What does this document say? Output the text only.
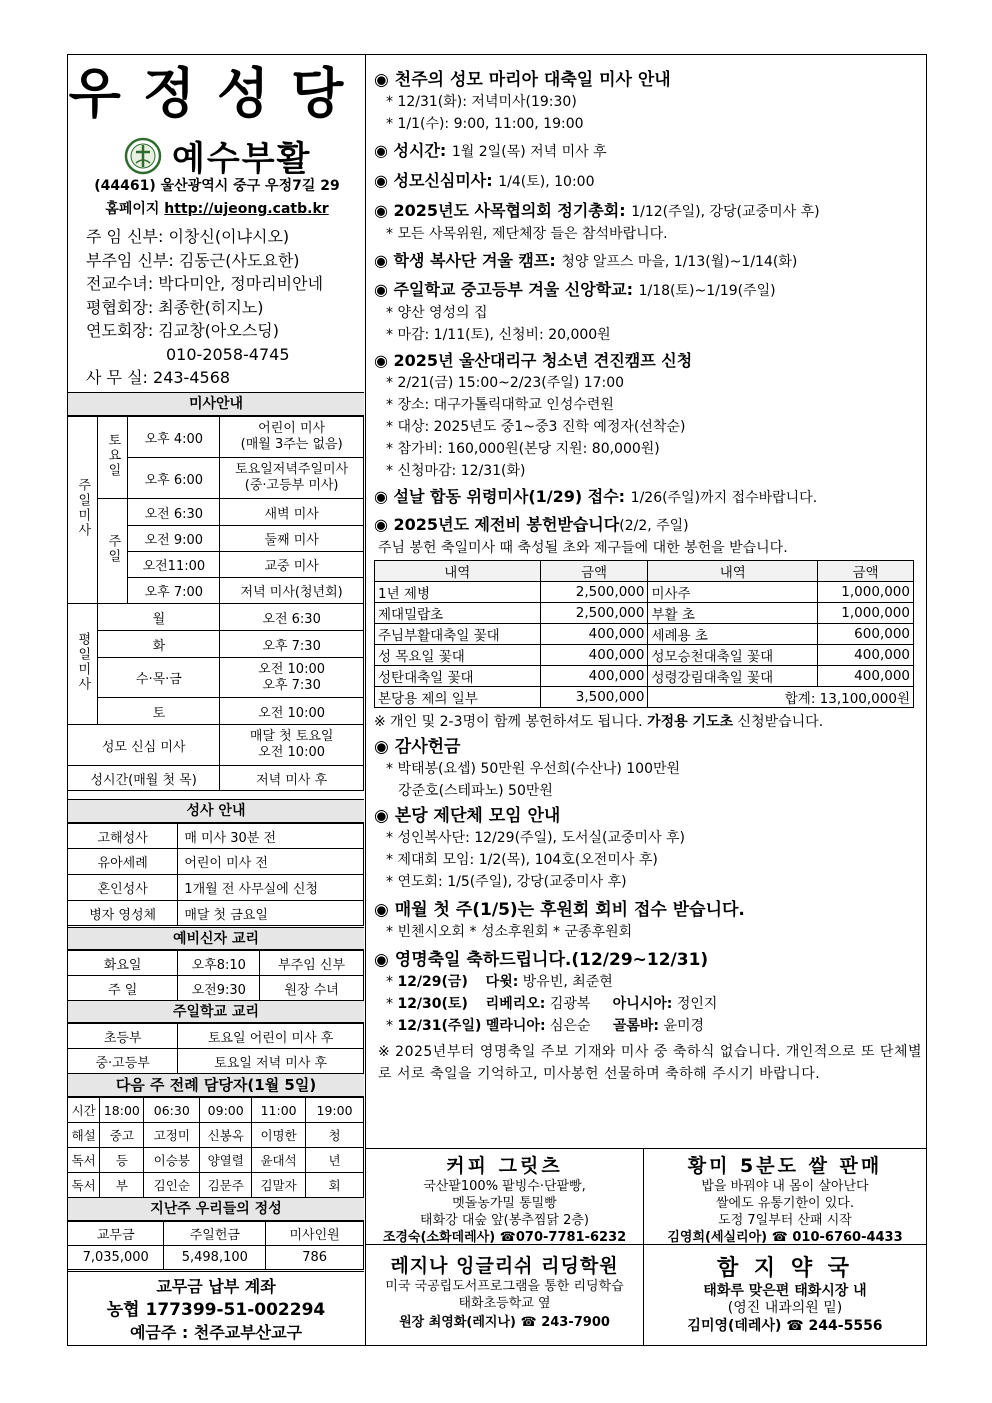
우정성당
예수부활
(44461) 울산광역시 중구 우정7길 29
홈페이지 http://ujeong.catb.kr
주 임 신부: 이창신(이냐시오)
부주임 신부: 김동근(사도요한)
전교수녀: 박다미안, 정마리비안네
평협회장: 최종한(히지노)
연도회장: 김교창(아오스딩)
010-2058-4745
사 무 실: 243-4568
미사안내
주일미사	토요일	오후 4:00	어린이 미사
(매월 3주는 없음)
		오후 6:00	토요일저녁주일미사
(중·고등부 미사)
	주일	오전 6:30	새벽 미사
		오전 9:00	둘째 미사
		오전11:00	교중 미사
		오후 7:00	저녁 미사(청년회)
평일미사	월		오전 6:30
	화		오후 7:30
	수·목·금		오전 10:00
오후 7:30
	토		오전 10:00
성모 신심 미사			매달 첫 토요일
오전 10:00
성시간(매월 첫 목)			저녁 미사 후
성사 안내
고해성사	매 미사 30분 전
유아세례	어린이 미사 전
혼인성사	1개월 전 사무실에 신청
병자 영성체	매달 첫 금요일
예비신자 교리
화요일	오후8:10	부주임 신부
주 일	오전9:30	원장 수녀
주일학교 교리
초등부	토요일 어린이 미사 후
중·고등부	토요일 저녁 미사 후
다음 주 전례 담당자(1월 5일)
시간	18:00	06:30	09:00	11:00	19:00
해설	중고	고정미	신봉옥	이명한	청
독서	등	이승붕	양열렬	윤대석	년
독서	부	김인순	김문주	김말자	회
지난주 우리들의 정성
교무금	주일헌금	미사인원
7,035,000	5,498,100	786
교무금 납부 계좌
농협 177399-51-002294
예금주 : 천주교부산교구
◉ 천주의 성모 마리아 대축일 미사 안내
* 12/31(화): 저녁미사(19:30)
* 1/1(수): 9:00, 11:00, 19:00
◉ 성시간: 1월 2일(목) 저녁 미사 후
◉ 성모신심미사: 1/4(토), 10:00
◉ 2025년도 사목협의회 정기총회: 1/12(주일), 강당(교중미사 후)
* 모든 사목위원, 제단체장 들은 참석바랍니다.
◉ 학생 복사단 겨울 캠프: 청양 알프스 마을, 1/13(월)~1/14(화)
◉ 주일학교 중고등부 겨울 신앙학교: 1/18(토)~1/19(주일)
* 양산 영성의 집
* 마감: 1/11(토), 신청비: 20,000원
◉ 2025년 울산대리구 청소년 견진캠프 신청
* 2/21(금) 15:00~2/23(주일) 17:00
* 장소: 대구가톨릭대학교 인성수련원
* 대상: 2025년도 중1~중3 진학 예정자(선착순)
* 참가비: 160,000원(본당 지원: 80,000원)
* 신청마감: 12/31(화)
◉ 설날 합동 위령미사(1/29) 접수: 1/26(주일)까지 접수바랍니다.
◉ 2025년도 제전비 봉헌받습니다(2/2, 주일)
주님 봉헌 축일미사 때 축성될 초와 제구들에 대한 봉헌을 받습니다.
내역	금액	내역	금액
1년 제병	2,500,000	미사주	1,000,000
제대밀랍초	2,500,000	부활 초	1,000,000
주님부활대축일 꽃대	400,000	세례용 초	600,000
성 목요일 꽃대	400,000	성모승천대축일 꽃대	400,000
성탄대축일 꽃대	400,000	성령강림대축일 꽃대	400,000
본당용 제의 일부	3,500,000	합계: 13,100,000원	
※ 개인 및 2-3명이 함께 봉헌하셔도 됩니다. 가정용 기도초 신청받습니다.
◉ 감사헌금
* 박태봉(요셉) 50만원 우선희(수산나) 100만원
강준호(스테파노) 50만원
◉ 본당 제단체 모임 안내
* 성인복사단: 12/29(주일), 도서실(교중미사 후)
* 제대회 모임: 1/2(목), 104호(오전미사 후)
* 연도회: 1/5(주일), 강당(교중미사 후)
◉ 매월 첫 주(1/5)는 후원회 회비 접수 받습니다.
* 빈첸시오회 * 성소후원회 * 군종후원회
◉ 영명축일 축하드립니다.(12/29~12/31)
* 12/29(금) 다윗: 방유빈, 최준현
* 12/30(토) 리베리오: 김광복 아니시아: 정인지
* 12/31(주일) 멜라니아: 심은순 골롬바: 윤미경
※ 2025년부터 영명축일 주보 기재와 미사 중 축하식 없습니다. 개인적으로 또 단체별로 서로 축일을 기억하고, 미사봉헌 선물하며 축하해 주시기 바랍니다.
커피 그릿츠
국산팥100% 팥빙수·단팥빵,
멧돌농가밀 통밀빵
태화강 대숲 앞(봉추찜닭 2층)
조경숙(소화데레사) ☎070-7781-6232
황미 5분도 쌀 판매
밥을 바꿔야 내 몸이 살아난다
쌀에도 유통기한이 있다.
도정 7일부터 산패 시작
김영희(세실리아) ☎ 010-6760-4433
레지나 잉글리쉬 리딩학원
미국 국공립도서프로그램을 통한 리딩학습
태화초등학교 옆
원장 최영화(레지나) ☎ 243-7900
함 지 약 국
태화루 맞은편 태화시장 내
(영진 내과의원 밑)
김미영(데레사) ☎ 244-5556
